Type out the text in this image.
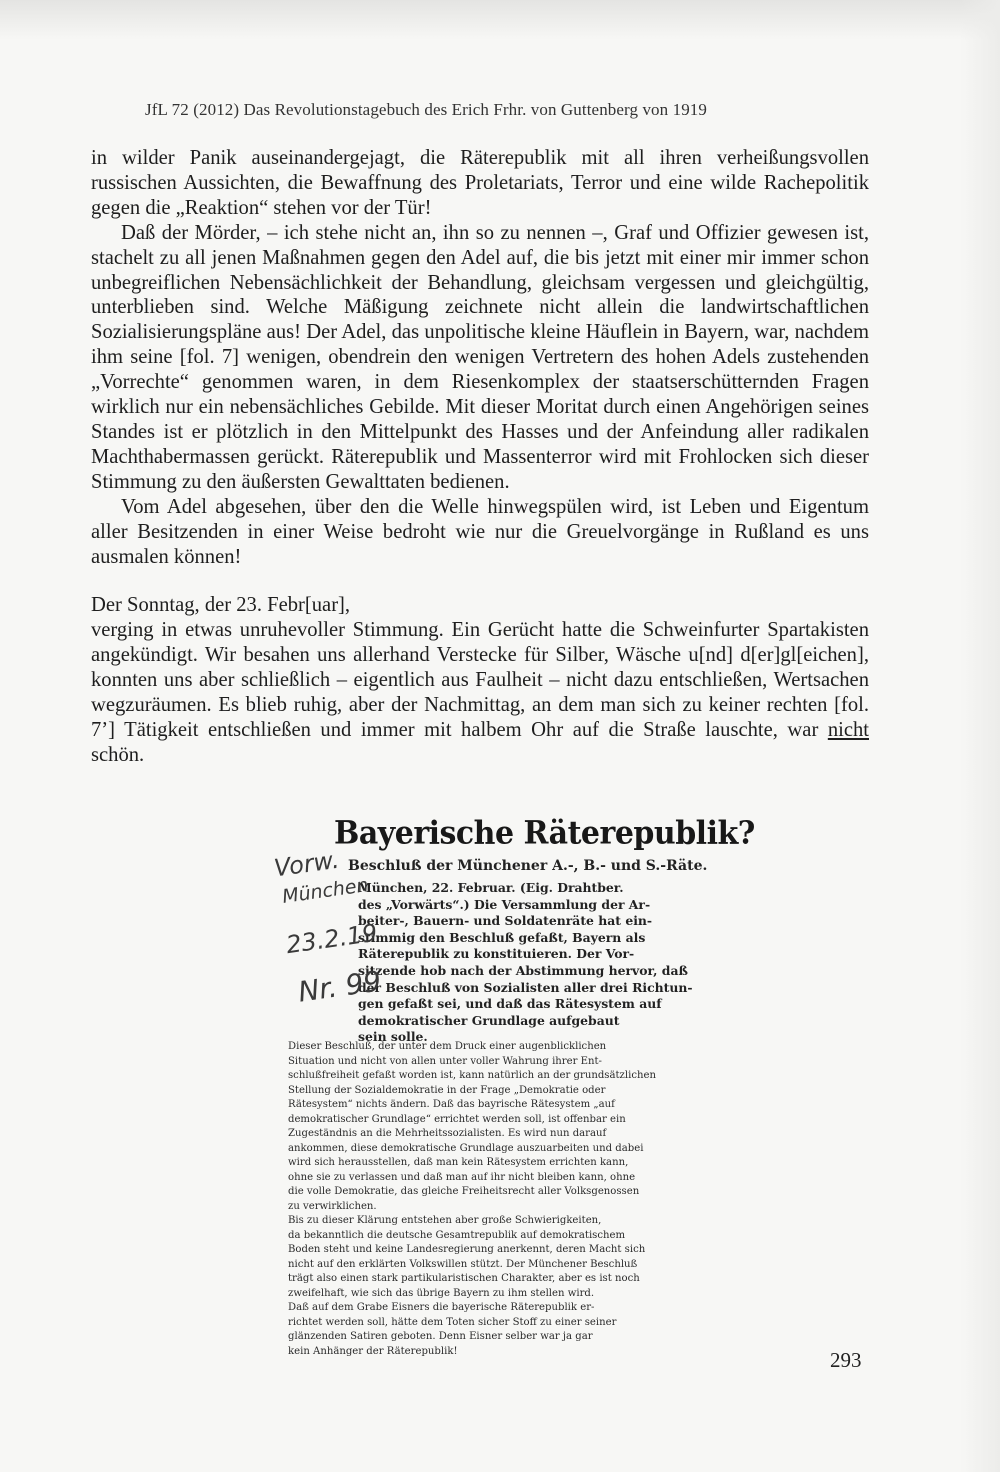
JfL 72 (2012) Das Revolutionstagebuch des Erich Frhr. von Guttenberg von 1919

in wilder Panik auseinandergejagt, die Räterepublik mit all ihren verheißungsvollen russischen Aussichten, die Bewaffnung des Proletariats, Terror und eine wilde Rachepolitik gegen die „Reaktion“ stehen vor der Tür!

Daß der Mörder, – ich stehe nicht an, ihn so zu nennen –, Graf und Offizier gewesen ist, stachelt zu all jenen Maßnahmen gegen den Adel auf, die bis jetzt mit einer mir immer schon unbegreiflichen Nebensächlichkeit der Behandlung, gleichsam vergessen und gleichgültig, unterblieben sind. Welche Mäßigung zeichnete nicht allein die landwirtschaftlichen Sozialisierungspläne aus! Der Adel, das unpolitische kleine Häuflein in Bayern, war, nachdem ihm seine [fol. 7] wenigen, obendrein den wenigen Vertretern des hohen Adels zustehenden „Vorrechte“ genommen waren, in dem Riesenkomplex der staatserschütternden Fragen wirklich nur ein nebensächliches Gebilde. Mit dieser Moritat durch einen Angehörigen seines Standes ist er plötzlich in den Mittelpunkt des Hasses und der Anfeindung aller radikalen Machthabermassen gerückt. Räterepublik und Massenterror wird mit Frohlocken sich dieser Stimmung zu den äußersten Gewalttaten bedienen.

Vom Adel abgesehen, über den die Welle hinwegspülen wird, ist Leben und Eigentum aller Besitzenden in einer Weise bedroht wie nur die Greuelvorgänge in Rußland es uns ausmalen können!

Der Sonntag, der 23. Febr[uar],

verging in etwas unruhevoller Stimmung. Ein Gerücht hatte die Schweinfurter Spartakisten angekündigt. Wir besahen uns allerhand Verstecke für Silber, Wäsche u[nd] d[er]gl[eichen], konnten uns aber schließlich – eigentlich aus Faulheit – nicht dazu entschließen, Wertsachen wegzuräumen. Es blieb ruhig, aber der Nachmittag, an dem man sich zu keiner rechten [fol. 7’] Tätigkeit entschließen und immer mit halbem Ohr auf die Straße lauschte, war nicht schön.

Bayerische Räterepublik?
Beschluß der Münchener A.-, B.- und S.-Räte.
München, 22. Februar. (Eig. Drahtber.
des „Vorwärts“.) Die Versammlung der Ar-
beiter-, Bauern- und Soldatenräte hat ein-
stimmig den Beschluß gefaßt, Bayern als
Räterepublik zu konstituieren. Der Vor-
sitzende hob nach der Abstimmung hervor, daß
der Beschluß von Sozialisten aller drei Richtun-
gen gefaßt sei, und daß das Rätesystem auf
demokratischer Grundlage aufgebaut
sein solle.
Dieser Beschluß, der unter dem Druck einer augenblicklichen
Situation und nicht von allen unter voller Wahrung ihrer Ent-
schlußfreiheit gefaßt worden ist, kann natürlich an der grundsätzlichen
Stellung der Sozialdemokratie in der Frage „Demokratie oder
Rätesystem“ nichts ändern. Daß das bayrische Rätesystem „auf
demokratischer Grundlage“ errichtet werden soll, ist offenbar ein
Zugeständnis an die Mehrheitssozialisten. Es wird nun darauf
ankommen, diese demokratische Grundlage auszuarbeiten und dabei
wird sich herausstellen, daß man kein Rätesystem errichten kann,
ohne sie zu verlassen und daß man auf ihr nicht bleiben kann, ohne
die volle Demokratie, das gleiche Freiheitsrecht aller Volksgenossen
zu verwirklichen.
Bis zu dieser Klärung entstehen aber große Schwierigkeiten,
da bekanntlich die deutsche Gesamtrepublik auf demokratischem
Boden steht und keine Landesregierung anerkennt, deren Macht sich
nicht auf den erklärten Volkswillen stützt. Der Münchener Beschluß
trägt also einen stark partikularistischen Charakter, aber es ist noch
zweifelhaft, wie sich das übrige Bayern zu ihm stellen wird.
Daß auf dem Grabe Eisners die bayerische Räterepublik er-
richtet werden soll, hätte dem Toten sicher Stoff zu einer seiner
glänzenden Satiren geboten. Denn Eisner selber war ja gar
kein Anhänger der Räterepublik!
Vorw.
München
23.2.19
Nr. 99
293
